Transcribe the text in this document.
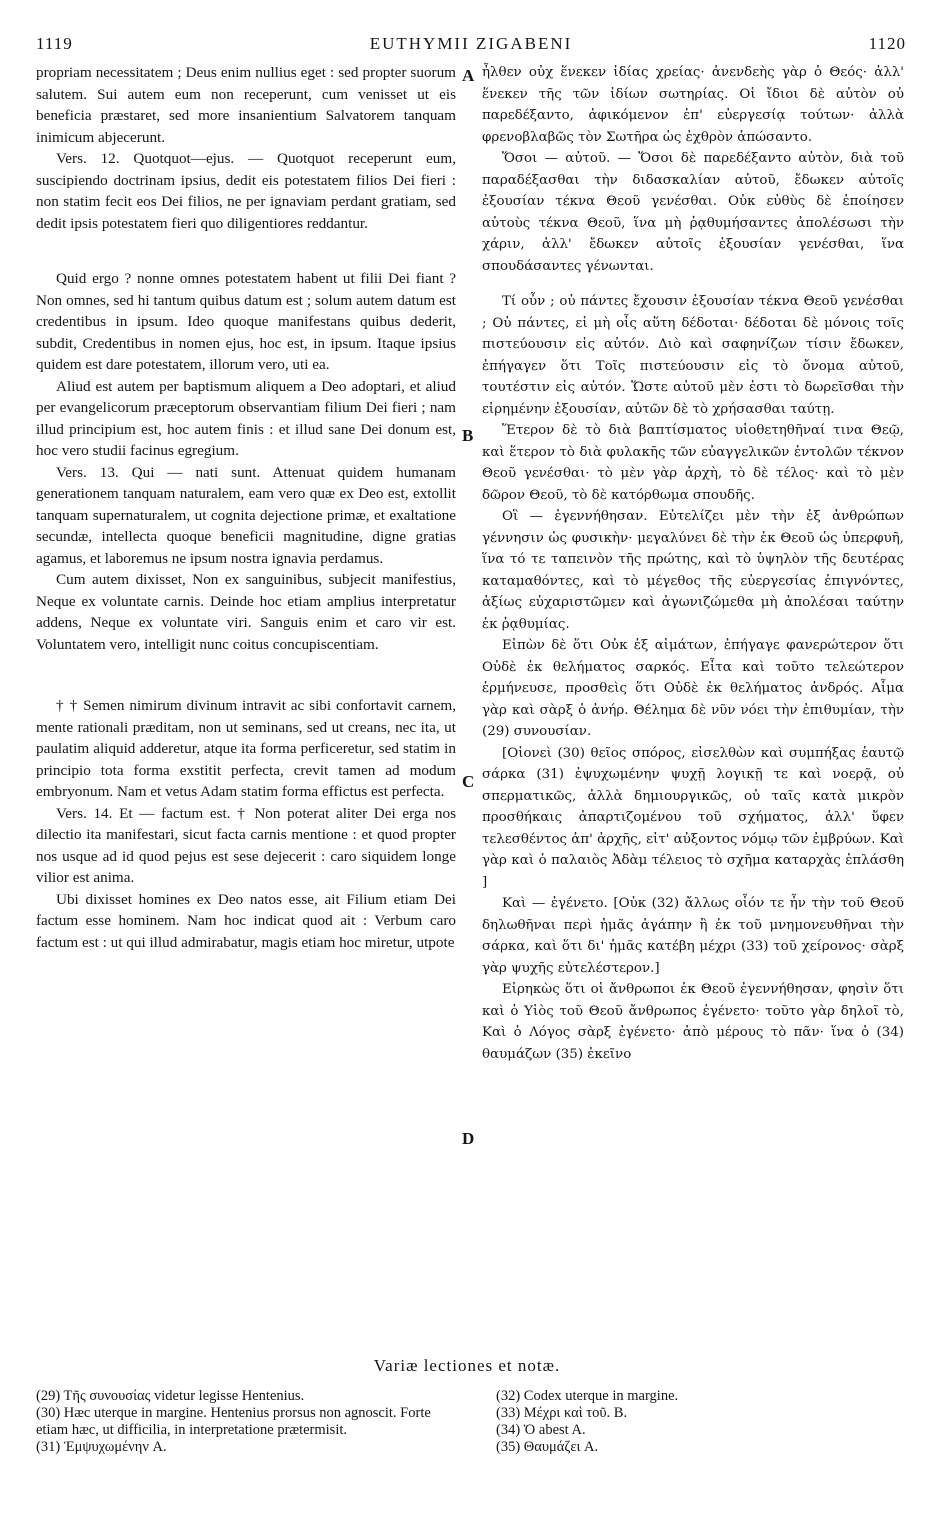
1119	EUTHYMII ZIGABENI	1120
A
B
C
D

propriam necessitatem ; Deus enim nullius eget : sed propter suorum salutem. Sui autem eum non receperunt, cum venisset ut eis beneficia præstaret, sed more insanientium Salvatorem tanquam inimicum abjecerunt.

Vers. 12. Quotquot—ejus. — Quotquot receperunt eum, suscipiendo doctrinam ipsius, dedit eis potestatem filios Dei fieri : non statim fecit eos Dei filios, ne per ignaviam perdant gratiam, sed dedit ipsis potestatem fieri quo diligentiores reddantur.

Quid ergo ? nonne omnes potestatem habent ut filii Dei fiant ? Non omnes, sed hi tantum quibus datum est ; solum autem datum est credentibus in ipsum. Ideo quoque manifestans quibus dederit, subdit, Credentibus in nomen ejus, hoc est, in ipsum. Itaque ipsius quidem est dare potestatem, illorum vero, uti ea.

Aliud est autem per baptismum aliquem a Deo adoptari, et aliud per evangelicorum præceptorum observantiam filium Dei fieri ; nam illud principium est, hoc autem finis : et illud sane Dei donum est, hoc vero studii facinus egregium.

Vers. 13. Qui — nati sunt. Attenuat quidem humanam generationem tanquam naturalem, eam vero quæ ex Deo est, extollit tanquam supernaturalem, ut cognita dejectione primæ, et exaltatione secundæ, intellecta quoque beneficii magnitudine, digne gratias agamus, et laboremus ne ipsum nostra ignavia perdamus.

Cum autem dixisset, Non ex sanguinibus, subjecit manifestius, Neque ex voluntate carnis. Deinde hoc etiam amplius interpretatur addens, Neque ex voluntate viri. Sanguis enim et caro vir est. Voluntatem vero, intelligit nunc coitus concupiscentiam.

† † Semen nimirum divinum intravit ac sibi confortavit carnem, mente rationali præditam, non ut seminans, sed ut creans, nec ita, ut paulatim aliquid adderetur, atque ita forma perficeretur, sed statim in principio tota forma exstitit perfecta, crevit tamen ad modum embryonum. Nam et vetus Adam statim forma effictus est perfecta.

Vers. 14. Et — factum est. † Non poterat aliter Dei erga nos dilectio ita manifestari, sicut facta carnis mentione : et quod propter nos usque ad id quod pejus est sese dejecerit : caro siquidem longe vilior est anima.

Ubi dixisset homines ex Deo natos esse, ait Filium etiam Dei factum esse hominem. Nam hoc indicat quod ait : Verbum caro factum est : ut qui illud admirabatur, magis etiam hoc miretur, utpote

ἦλθεν οὐχ ἕνεκεν ἰδίας χρείας· ἀνενδεὴς γὰρ ὁ Θεός· ἀλλ' ἕνεκεν τῆς τῶν ἰδίων σωτηρίας. Οἱ ἴδιοι δὲ αὐτὸν οὐ παρεδέξαντο, ἀφικόμενον ἐπ' εὐεργεσίᾳ τούτων· ἀλλὰ φρενοβλαβῶς τὸν Σωτῆρα ὡς ἐχθρὸν ἀπώσαντο.

Ὅσοι — αὐτοῦ. — Ὅσοι δὲ παρεδέξαντο αὐτὸν, διὰ τοῦ παραδέξασθαι τὴν διδασκαλίαν αὐτοῦ, ἔδωκεν αὐτοῖς ἐξουσίαν τέκνα Θεοῦ γενέσθαι. Οὐκ εὐθὺς δὲ ἐποίησεν αὐτοὺς τέκνα Θεοῦ, ἵνα μὴ ῥᾳθυμήσαντες ἀπολέσωσι τὴν χάριν, ἀλλ' ἔδωκεν αὐτοῖς ἐξουσίαν γενέσθαι, ἵνα σπουδάσαντες γένωνται.

Τί οὖν ; οὐ πάντες ἔχουσιν ἐξουσίαν τέκνα Θεοῦ γενέσθαι ; Οὐ πάντες, εἰ μὴ οἷς αὕτη δέδοται· δέδοται δὲ μόνοις τοῖς πιστεύουσιν εἰς αὐτόν. Διὸ καὶ σαφηνίζων τίσιν ἔδωκεν, ἐπήγαγεν ὅτι Τοῖς πιστεύουσιν εἰς τὸ ὄνομα αὐτοῦ, τουτέστιν εἰς αὐτόν. Ὥστε αὐτοῦ μὲν ἐστι τὸ δωρεῖσθαι τὴν εἰρημένην ἐξουσίαν, αὐτῶν δὲ τὸ χρήσασθαι ταύτῃ.

Ἕτερον δὲ τὸ διὰ βαπτίσματος υἱοθετηθῆναί τινα Θεῷ, καὶ ἕτερον τὸ διὰ φυλακῆς τῶν εὐαγγελικῶν ἐντολῶν τέκνον Θεοῦ γενέσθαι· τὸ μὲν γὰρ ἀρχὴ, τὸ δὲ τέλος· καὶ τὸ μὲν δῶρον Θεοῦ, τὸ δὲ κατόρθωμα σπουδῆς.

Οἳ — ἐγεννήθησαν. Εὐτελίζει μὲν τὴν ἐξ ἀνθρώπων γέννησιν ὡς φυσικὴν· μεγαλύνει δὲ τὴν ἐκ Θεοῦ ὡς ὑπερφυῆ, ἵνα τό τε ταπεινὸν τῆς πρώτης, καὶ τὸ ὑψηλὸν τῆς δευτέρας καταμαθόντες, καὶ τὸ μέγεθος τῆς εὐεργεσίας ἐπιγνόντες, ἀξίως εὐχαριστῶμεν καὶ ἀγωνιζώμεθα μὴ ἀπολέσαι ταύτην ἐκ ῥᾳθυμίας.

Εἰπὼν δὲ ὅτι Οὐκ ἐξ αἱμάτων, ἐπήγαγε φανερώτερον ὅτι Οὐδὲ ἐκ θελήματος σαρκός. Εἶτα καὶ τοῦτο τελεώτερον ἑρμήνευσε, προσθεὶς ὅτι Οὐδὲ ἐκ θελήματος ἀνδρός. Αἷμα γὰρ καὶ σὰρξ ὁ ἀνήρ. Θέλημα δὲ νῦν νόει τὴν ἐπιθυμίαν, τὴν (29) συνουσίαν.

[Οἱονεὶ (30) θεῖος σπόρος, εἰσελθὼν καὶ συμπήξας ἑαυτῷ σάρκα (31) ἐψυχωμένην ψυχῇ λογικῇ τε καὶ νοερᾷ, οὐ σπερματικῶς, ἀλλὰ δημιουργικῶς, οὐ ταῖς κατὰ μικρὸν προσθήκαις ἀπαρτιζομένου τοῦ σχήματος, ἀλλ' ὕφεν τελεσθέντος ἀπ' ἀρχῆς, εἰτ' αὐξοντος νόμῳ τῶν ἐμβρύων. Καὶ γὰρ καὶ ὁ παλαιὸς Ἀδὰμ τέλειος τὸ σχῆμα καταρχὰς ἐπλάσθη ]

Καὶ — ἐγένετο. [Οὐκ (32) ἄλλως οἷόν τε ἦν τὴν τοῦ Θεοῦ δηλωθῆναι περὶ ἡμᾶς ἀγάπην ἢ ἐκ τοῦ μνημονευθῆναι τὴν σάρκα, καὶ ὅτι δι' ἡμᾶς κατέβη μέχρι (33) τοῦ χείρονος· σὰρξ γὰρ ψυχῆς εὐτελέστερον.]

Εἰρηκὼς ὅτι οἱ ἄνθρωποι ἐκ Θεοῦ ἐγεννήθησαν, φησὶν ὅτι καὶ ὁ Υἱὸς τοῦ Θεοῦ ἄνθρωπος ἐγένετο· τοῦτο γὰρ δηλοῖ τὸ, Καὶ ὁ Λόγος σὰρξ ἐγένετο· ἀπὸ μέρους τὸ πᾶν· ἵνα ὁ (34) θαυμάζων (35) ἐκεῖνο

Variæ lectiones et notæ.

(29) Τῆς συνουσίας videtur legisse Hentenius.

(30) Hæc uterque in margine. Hentenius prorsus non agnoscit. Forte etiam hæc, ut difficilia, in interpretatione prætermisit.

(31) Ἐμψυχωμένην A.

(32) Codex uterque in margine.

(33) Μέχρι καὶ τοῦ. B.

(34) Ὁ abest A.

(35) Θαυμάζει A.
